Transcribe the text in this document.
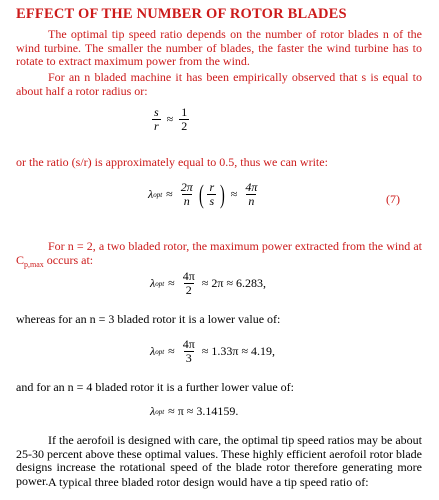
EFFECT OF THE NUMBER OF ROTOR BLADES
The optimal tip speed ratio depends on the number of rotor blades n of the wind turbine. The smaller the number of blades, the faster the wind turbine has to rotate to extract maximum power from the wind.
For an n bladed machine it has been empirically observed that s is equal to about half a rotor radius or:
$\frac{s}{r} \approx \frac{1}{2}$
or the ratio (s/r) is approximately equal to 0.5, thus we can write:
λ opt ≈ $\frac{2\pi}{n}$ ( $\frac{r}{s}$ ) ≈ $\frac{4\pi}{n}$	(7)
For n = 2, a two bladed rotor, the maximum power extracted from the wind at $C_{p,max}$ occurs at:
λ opt ≈ $\frac{4\pi}{2} \approx 2\pi \approx 6.283$,
whereas for an n = 3 bladed rotor it is a lower value of:
λ opt ≈ $\frac{4\pi}{3} \approx 1.33\pi \approx 4.19$,
and for an n = 4 bladed rotor it is a further lower value of:
λ opt ≈ π ≈ 3.14159.
If the aerofoil is designed with care, the optimal tip speed ratios may be about 25-30 percent above these optimal values. These highly efficient aerofoil rotor blade designs increase the rotational speed of the blade rotor therefore generating more power. A typical three bladed rotor design would have a tip speed ratio of:
